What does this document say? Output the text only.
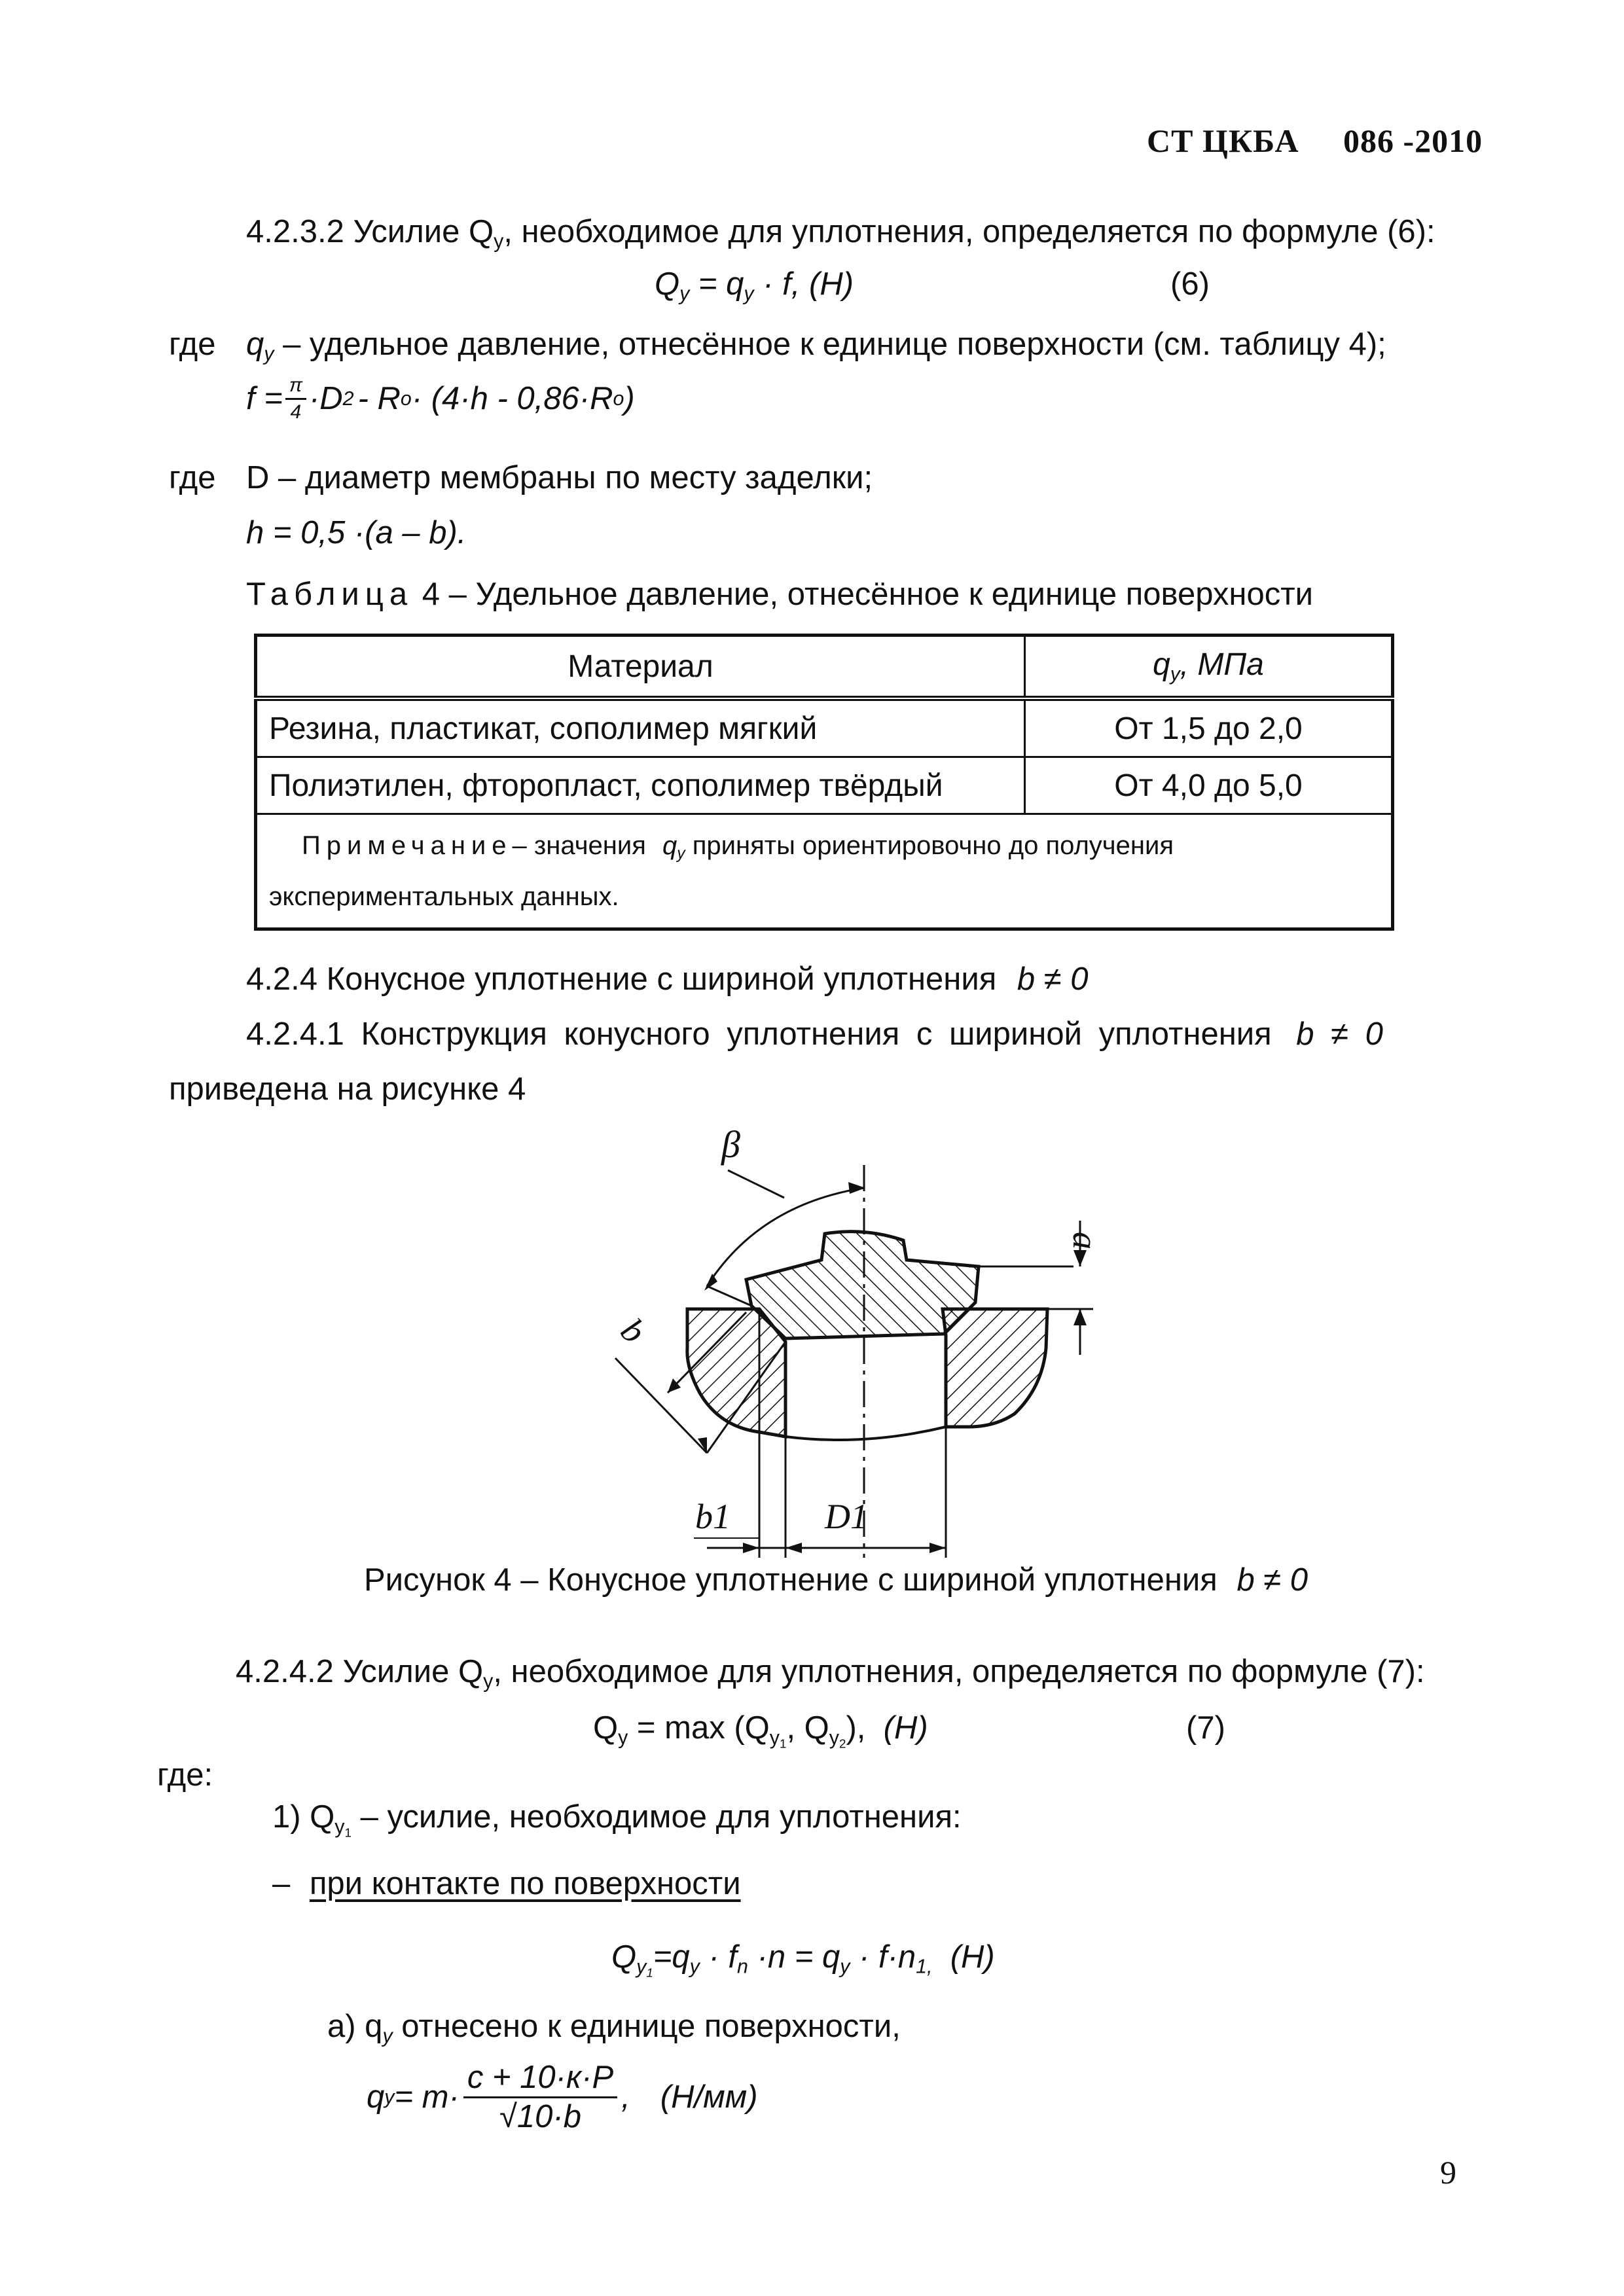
СТ ЦКБА 086 -2010
4.2.3.2 Усилие $Q_у$, необходимое для уплотнения, определяется по формуле (6):
$Q_у = q_у \cdot f$, (H)	(6)
где $q_у$ – удельное давление, отнесённое к единице поверхности (см. таблицу 4);
$f = \frac{\pi}{4} \cdot D$ 2 - R o · (4·h - 0,86·R o )
где D – диаметр мембраны по месту заделки;
h = 0,5 ·(a – b).
Таблица 4 – Удельное давление, отнесённое к единице поверхности
Материал	$q_у$, МПа
Резина, пластикат, сополимер мягкий	От 1,5 до 2,0
Полиэтилен, фторопласт, сополимер твёрдый	От 4,0 до 5,0
Примечание– значения $q_у$ приняты ориентировочно до получения
экспериментальных данных.	
4.2.4 Конусное уплотнение с шириной уплотнения b ≠ 0
4.2.4.1 Конструкция конусного уплотнения с шириной уплотнения b ≠ 0
приведена на рисунке 4
β
a
b
b1	D1
Рисунок 4 – Конусное уплотнение с шириной уплотнения b ≠ 0
4.2.4.2 Усилие $Q_у$, необходимое для уплотнения, определяется по формуле (7):
$Q_у = \max (Q_{у_1}$, $Q_{у_2}$),  (H)	(7)
где:
1) $Q_{у_1}$ – усилие, необходимое для уплотнения:
– при контакте по поверхности
$Q_{у_1}=q_у \cdot f_n \cdot n = q_у \cdot f\cdot n_{1,}$  (H)
а) $q_у$ отнесено к единице поверхности,
q $у = m\cdot \frac{c + 10\cdot к\cdot P}{√10\cdot b}$ , (H/мм)
9
